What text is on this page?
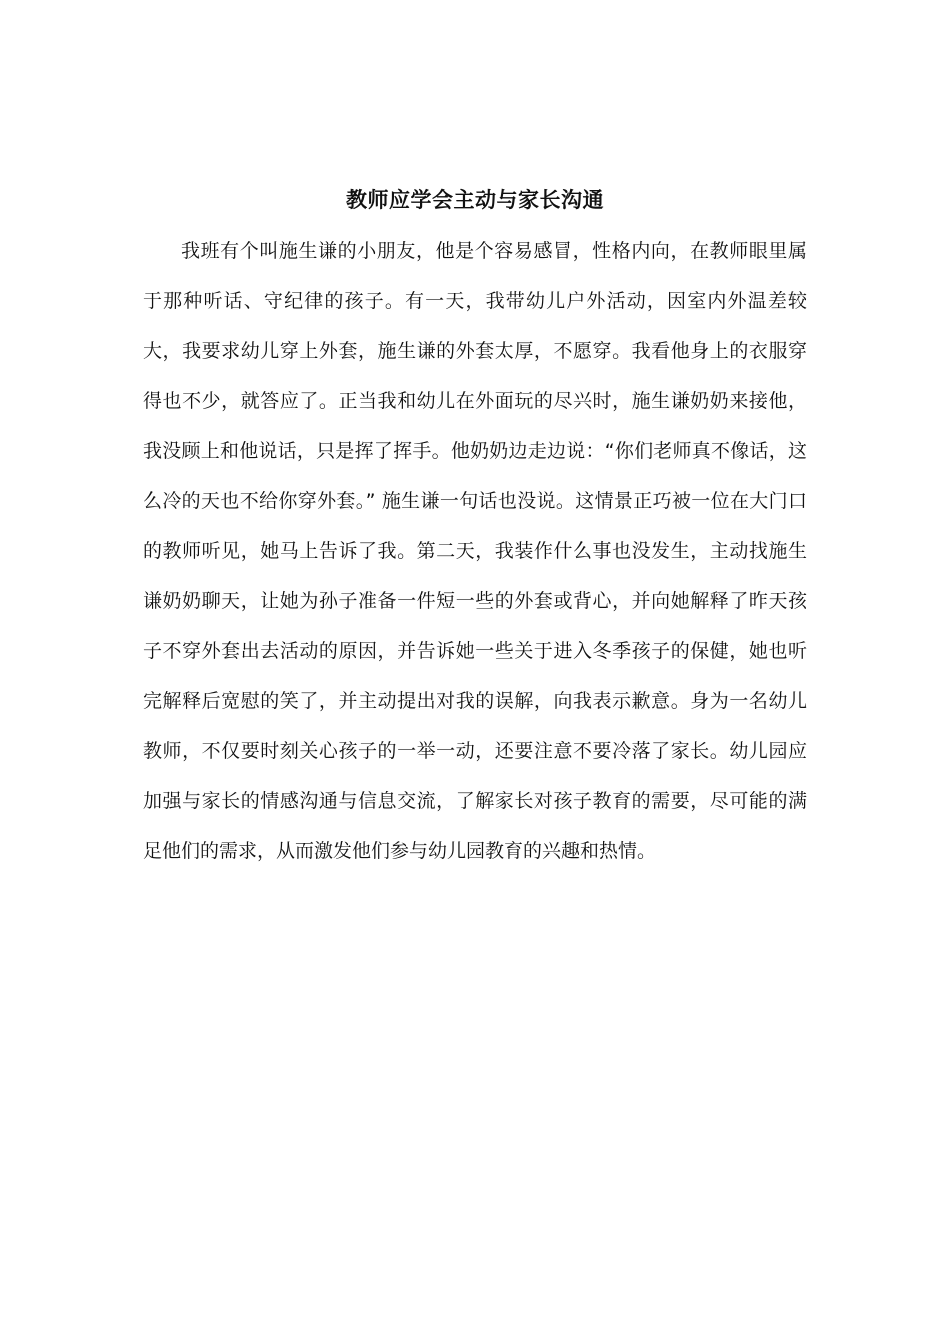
教师应学会主动与家长沟通

我班有个叫施生谦的小朋友，他是个容易感冒，性格内向，在教师眼里属于那种听话、守纪律的孩子。有一天，我带幼儿户外活动，因室内外温差较大，我要求幼儿穿上外套，施生谦的外套太厚，不愿穿。我看他身上的衣服穿得也不少，就答应了。正当我和幼儿在外面玩的尽兴时，施生谦奶奶来接他，我没顾上和他说话，只是挥了挥手。他奶奶边走边说：“你们老师真不像话，这么冷的天也不给你穿外套。” 施生谦一句话也没说。这情景正巧被一位在大门口的教师听见，她马上告诉了我。第二天，我装作什么事也没发生，主动找施生谦奶奶聊天，让她为孙子准备一件短一些的外套或背心，并向她解释了昨天孩子不穿外套出去活动的原因，并告诉她一些关于进入冬季孩子的保健，她也听完解释后宽慰的笑了，并主动提出对我的误解，向我表示歉意。身为一名幼儿教师，不仅要时刻关心孩子的一举一动，还要注意不要冷落了家长。幼儿园应加强与家长的情感沟通与信息交流，了解家长对孩子教育的需要，尽可能的满足他们的需求，从而激发他们参与幼儿园教育的兴趣和热情。
